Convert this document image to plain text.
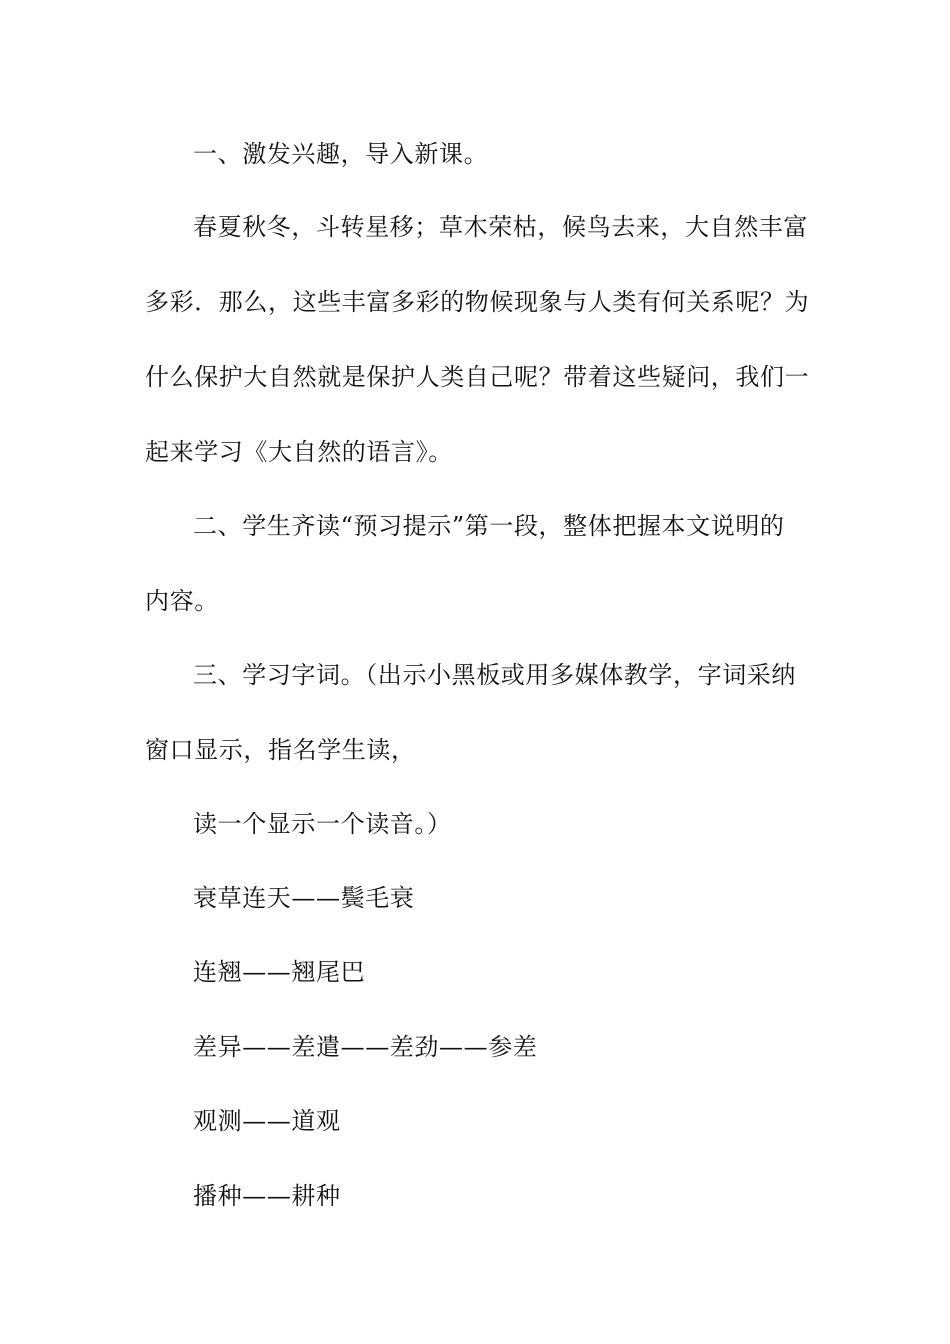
一、激发兴趣，导入新课。
春夏秋冬，斗转星移；草木荣枯，候鸟去来，大自然丰富
多彩．那么，这些丰富多彩的物候现象与人类有何关系呢？为
什么保护大自然就是保护人类自己呢？带着这些疑问，我们一
起来学习《大自然的语言》。
二、学生齐读“预习提示”第一段，整体把握本文说明的
内容。
三、学习字词。（出示小黑板或用多媒体教学，字词采纳
窗口显示，指名学生读，
读一个显示一个读音。）
衰草连天——鬓毛衰
连翘——翘尾巴
差异——差遣——差劲——参差
观测——道观
播种——耕种
